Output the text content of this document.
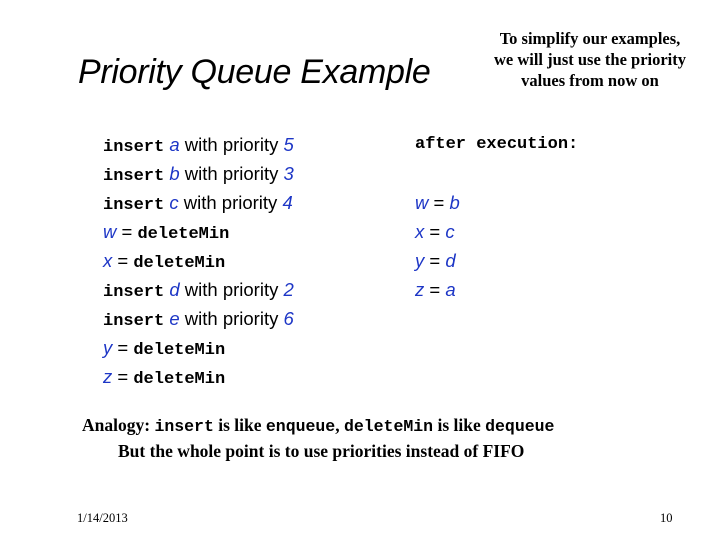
Priority Queue Example
To simplify our examples,
we will just use the priority
values from now on
insert a with priority 5
insert b with priority 3
insert c with priority 4
w = deleteMin
x = deleteMin
insert d with priority 2
insert e with priority 6
y = deleteMin
z = deleteMin
after execution:
w = b
x = c
y = d
z = a
Analogy: insert is like enqueue, deleteMin is like dequeue
But the whole point is to use priorities instead of FIFO
1/14/2013	10
